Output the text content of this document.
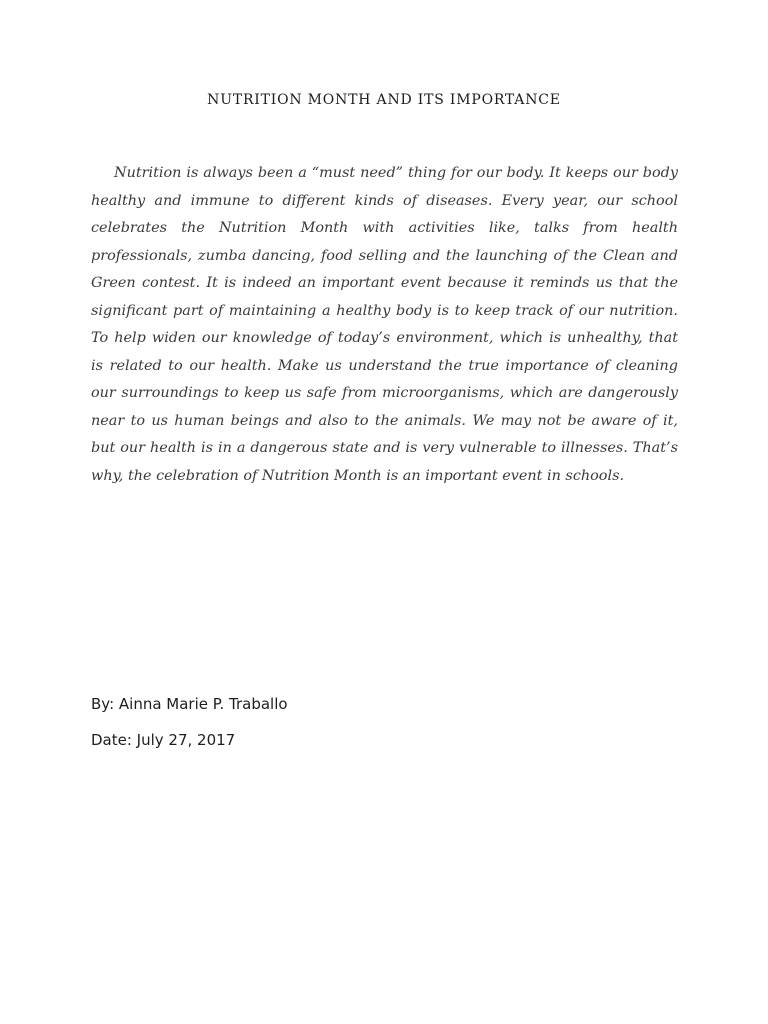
NUTRITION MONTH AND ITS IMPORTANCE

Nutrition is always been a “must need” thing for our body. It keeps our body healthy and immune to different kinds of diseases. Every year, our school celebrates the Nutrition Month with activities like, talks from health professionals, zumba dancing, food selling and the launching of the Clean and Green contest. It is indeed an important event because it reminds us that the significant part of maintaining a healthy body is to keep track of our nutrition. To help widen our knowledge of today’s environment, which is unhealthy, that is related to our health. Make us understand the true importance of cleaning our surroundings to keep us safe from microorganisms, which are dangerously near to us human beings and also to the animals. We may not be aware of it, but our health is in a dangerous state and is very vulnerable to illnesses. That’s why, the celebration of Nutrition Month is an important event in schools.

By: Ainna Marie P. Traballo

Date: July 27, 2017
